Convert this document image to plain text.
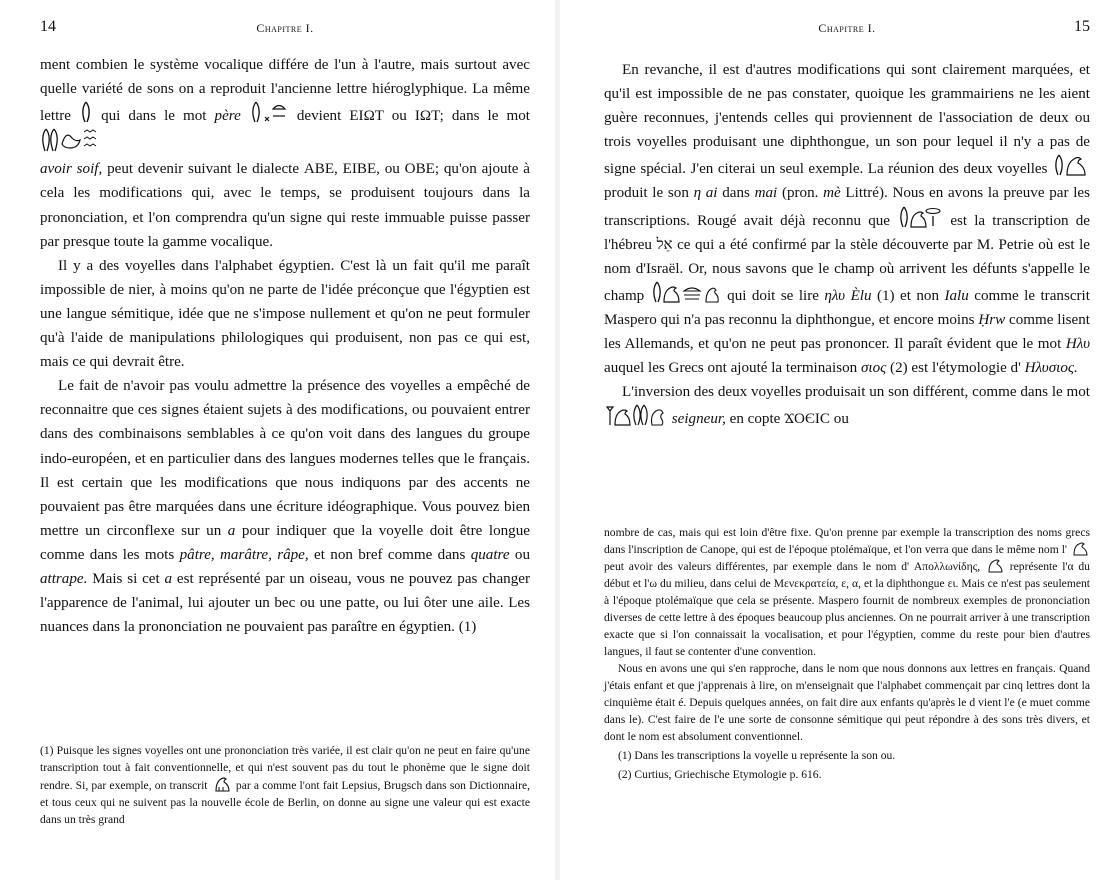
14	Chapitre I.

ment combien le système vocalique différe de l'un à l'autre, mais surtout avec quelle variété de sons on a reproduit l'ancienne lettre hiéroglyphique. La même lettre qui dans le mot père	devient ΕΙΩΤ ou ΙΩΤ; dans le mot

avoir soif, peut devenir suivant le dialecte ΑΒΕ, ΕΙΒΕ, ou ΟΒΕ; qu'on ajoute à cela les modifications qui, avec le temps, se produisent toujours dans la prononciation, et l'on comprendra qu'un signe qui reste immuable puisse passer par presque toute la gamme vocalique.

Il y a des voyelles dans l'alphabet égyptien. C'est là un fait qu'il me paraît impossible de nier, à moins qu'on ne parte de l'idée préconçue que l'égyptien est une langue sémitique, idée que ne s'impose nullement et qu'on ne peut formuler qu'à l'aide de manipulations philologiques qui produisent, non pas ce qui est, mais ce qui devrait être.

Le fait de n'avoir pas voulu admettre la présence des voyelles a empêché de reconnaitre que ces signes étaient sujets à des modifications, ou pouvaient entrer dans des combinaisons semblables à ce qu'on voit dans des langues du groupe indo-européen, et en particulier dans des langues modernes telles que le français. Il est certain que les modifications que nous indiquons par des accents ne pouvaient pas être marquées dans une écriture idéographique. Vous pouvez bien mettre un circonflexe sur un a pour indiquer que la voyelle doit être longue comme dans les mots pâtre, marâtre, râpe, et non bref comme dans quatre ou attrape. Mais si cet a est représenté par un oiseau, vous ne pouvez pas changer l'apparence de l'animal, lui ajouter un bec ou une patte, ou lui ôter une aile. Les nuances dans la prononciation ne pouvaient pas paraître en égyptien. (1)

(1) Puisque les signes voyelles ont une prononciation très variée, il est clair qu'on ne peut en faire qu'une transcription tout à fait conventionnelle, et qui n'est souvent pas du tout le phonème que le signe doit rendre. Si, par exemple, on transcrit par a comme l'ont fait Lepsius, Brugsch dans son Dictionnaire, et tous ceux qui ne suivent pas la nouvelle école de Berlin, on donne au signe une valeur qui est exacte dans un très grand

Chapitre I.	15

En revanche, il est d'autres modifications qui sont clairement marquées, et qu'il est impossible de ne pas constater, quoique les grammairiens ne les aient guère reconnues, j'entends celles qui proviennent de l'association de deux ou trois voyelles produisant une diphthongue, un son pour lequel il n'y a pas de signe spécial. J'en citerai un seul exemple. La réunion des deux voyelles
produit le son η ai dans mai (pron. mè Littré). Nous en avons la preuve par les transcriptions. Rougé avait déjà reconnu que	est la transcription de l'hébreu אֵל ce qui a été confirmé par la stèle découverte par M. Petrie où est le nom d'Israël. Or, nous savons que le champ où arrivent les défunts s'appelle le champ	qui doit se lire ηλυ Èlu (1) et non Ialu comme le transcrit Maspero qui n'a pas reconnu la diphthongue, et encore moins Ḥrw comme lisent les Allemands, et qu'on ne peut pas prononcer. Il paraît évident que le mot Ηλυ auquel les Grecs ont ajouté la terminaison σιος (2) est l'étymologie d' Ηλυσιος.

L'inversion des deux voyelles produisait un son différent, comme dans le mot
seigneur, en copte ϪΟЄІС ou

nombre de cas, mais qui est loin d'être fixe. Qu'on prenne par exemple la transcription des noms grecs dans l'inscription de Canope, qui est de l'époque ptolémaïque, et l'on verra que dans le même nom l'
peut avoir des valeurs différentes, par exemple dans le nom d' Απολλωνίδης,	représente l'α du début et l'ω du milieu, dans celui de Μενεκρατεία, ε, α, et la diphthongue ει. Mais ce n'est pas seulement à l'époque ptolémaïque que cela se présente. Maspero fournit de nombreux exemples de prononciation diverses de cette lettre à des époques beaucoup plus anciennes. On ne pourrait arriver à une transcription exacte que si l'on connaissait la vocalisation, et pour l'égyptien, comme du reste pour bien d'autres langues, il faut se contenter d'une convention.

Nous en avons une qui s'en rapproche, dans le nom que nous donnons aux lettres en français. Quand j'étais enfant et que j'apprenais à lire, on m'enseignait que l'alphabet commençait par cinq lettres dont la cinquième était é. Depuis quelques années, on fait dire aux enfants qu'après le d vient l'e (e muet comme dans le). C'est faire de l'e une sorte de consonne sémitique qui peut répondre à des sons très divers, et dont le nom est absolument conventionnel.

(1) Dans les transcriptions la voyelle u représente la son ou.

(2) Curtius, Griechische Etymologie p. 616.
